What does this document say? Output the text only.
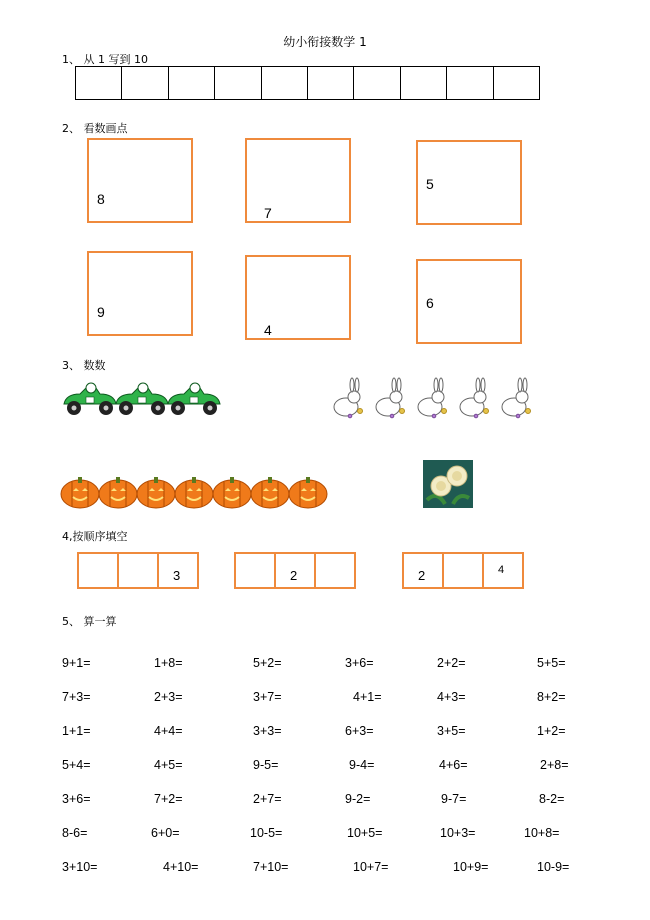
幼小衔接数学 1
1、 从 1 写到 10
2、 看数画点
8
7
5
9
4
6
3、 数数
4,按顺序填空
3	2	2	4
5、 算一算
9+1=	1+8=	5+2=	3+6=	2+2=	5+5=
7+3=	2+3=	3+7=	4+1=	4+3=	8+2=
1+1=	4+4=	3+3=	6+3=	3+5=	1+2=
5+4=	4+5=	9-5=	9-4=	4+6=	2+8=
3+6=	7+2=	2+7=	9-2=	9-7=	8-2=
8-6=	6+0=	10-5=	10+5=	10+3=	10+8=
3+10=	4+10=	7+10=	10+7=	10+9=	10-9=
